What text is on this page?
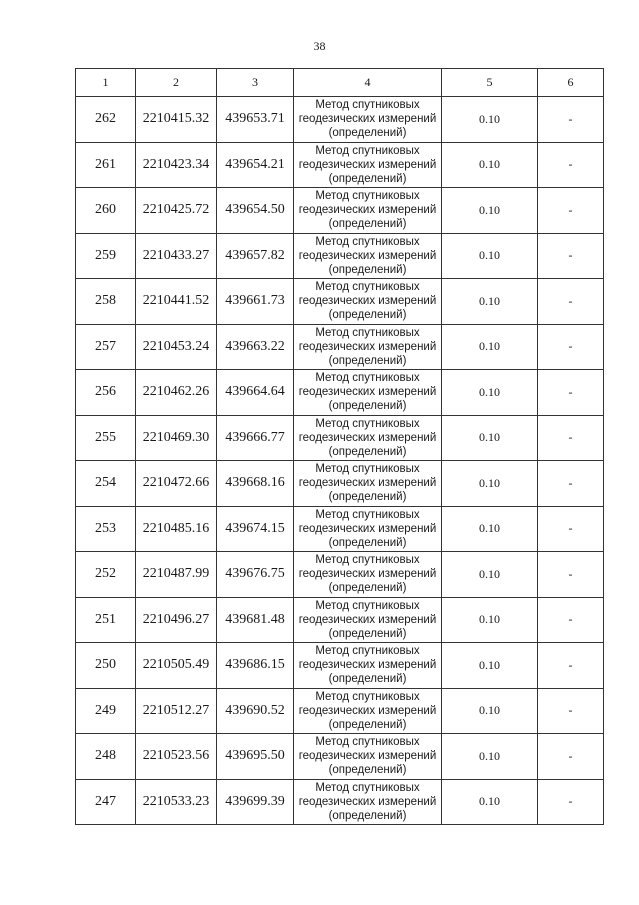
38
1	2	3	4	5	6
262	2210415.32	439653.71	Метод спутниковых
геодезических измерений
(определений)	0.10	-
261	2210423.34	439654.21	Метод спутниковых
геодезических измерений
(определений)	0.10	-
260	2210425.72	439654.50	Метод спутниковых
геодезических измерений
(определений)	0.10	-
259	2210433.27	439657.82	Метод спутниковых
геодезических измерений
(определений)	0.10	-
258	2210441.52	439661.73	Метод спутниковых
геодезических измерений
(определений)	0.10	-
257	2210453.24	439663.22	Метод спутниковых
геодезических измерений
(определений)	0.10	-
256	2210462.26	439664.64	Метод спутниковых
геодезических измерений
(определений)	0.10	-
255	2210469.30	439666.77	Метод спутниковых
геодезических измерений
(определений)	0.10	-
254	2210472.66	439668.16	Метод спутниковых
геодезических измерений
(определений)	0.10	-
253	2210485.16	439674.15	Метод спутниковых
геодезических измерений
(определений)	0.10	-
252	2210487.99	439676.75	Метод спутниковых
геодезических измерений
(определений)	0.10	-
251	2210496.27	439681.48	Метод спутниковых
геодезических измерений
(определений)	0.10	-
250	2210505.49	439686.15	Метод спутниковых
геодезических измерений
(определений)	0.10	-
249	2210512.27	439690.52	Метод спутниковых
геодезических измерений
(определений)	0.10	-
248	2210523.56	439695.50	Метод спутниковых
геодезических измерений
(определений)	0.10	-
247	2210533.23	439699.39	Метод спутниковых
геодезических измерений
(определений)	0.10	-
